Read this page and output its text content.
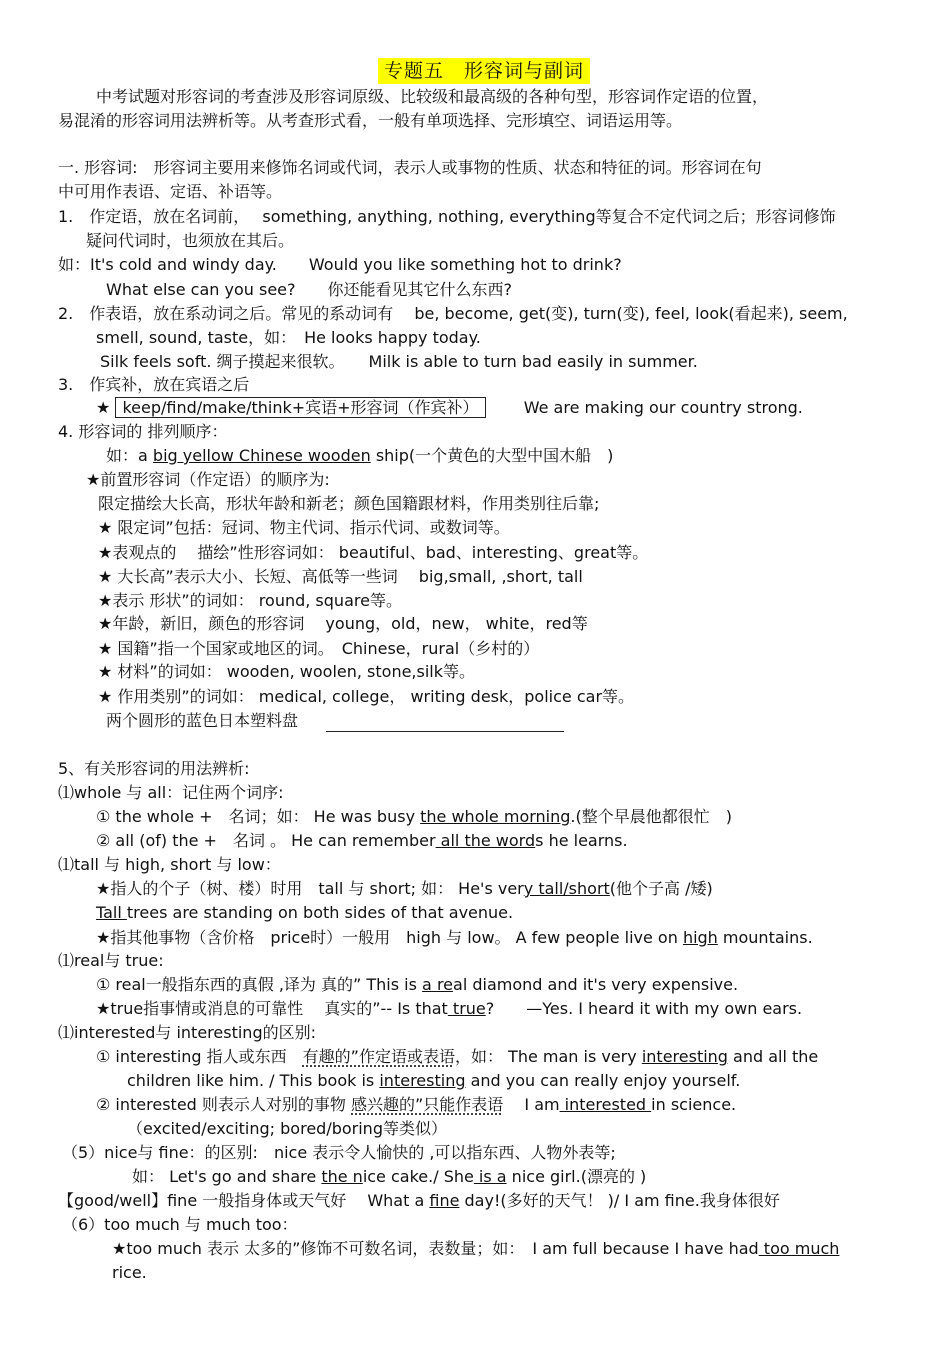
专题五　形容词与副词
中考试题对形容词的考查涉及形容词原级、比较级和最高级的各种句型，形容词作定语的位置，
易混淆的形容词用法辨析等。从考查形式看，一般有单项选择、完形填空、词语运用等。
一. 形容词:　形容词主要用来修饰名词或代词，表示人或事物的性质、状态和特征的词。形容词在句
中可用作表语、定语、补语等。
1.　作定语，放在名词前，　 something, anything, nothing, everything等复合不定代词之后；形容词修饰
疑问代词时，也须放在其后。
如：It's cold and windy day.　　Would you like something hot to drink?
What else can you see?　　你还能看见其它什么东西?
2.　作表语，放在系动词之后。常见的系动词有　 be, become, get(变), turn(变), feel, look(看起来), seem,
smell, sound, taste，如：　He looks happy today.
Silk feels soft. 绸子摸起来很软。　　Milk is able to turn bad easily in summer.
3.　作宾补，放在宾语之后
★ keep/find/make/think+宾语+形容词（作宾补）	We are making our country strong.
4. 形容词的 排列顺序：
如：a big yellow Chinese wooden ship(一个黄色的大型中国木船　)
★前置形容词（作定语）的顺序为:
限定描绘大长高，形状年龄和新老；颜色国籍跟材料，作用类别往后靠;
★ 限定词”包括：冠词、物主代词、指示代词、或数词等。
★表观点的　 描绘”性形容词如： beautiful、bad、interesting、great等。
★ 大长高”表示大小、长短、高低等一些词　 big,small, ,short, tall
★表示 形状”的词如： round, square等。
★年龄，新旧，颜色的形容词　 young，old，new， white，red等
★ 国籍”指一个国家或地区的词。　Chinese，rural（乡村的）
★ 材料”的词如： wooden, woolen, stone,silk等。
★ 作用类别”的词如： medical, college， writing desk，police car等。
两个圆形的蓝色日本塑料盘
5、有关形容词的用法辨析:
⑴whole 与 all：记住两个词序:
① the whole +　名词；如： He was busy the whole morning.(整个早晨他都很忙　)
② all (of) the +　名词 。 He can remember all the words he learns.
⑴tall 与 high, short 与 low：
★指人的个子（树、楼）时用　tall 与 short; 如： He's very tall/short(他个子高 /矮)
Tall trees are standing on both sides of that avenue.
★指其他事物（含价格　price时）一般用　high 与 low。 A few people live on high mountains.
⑴real与 true:
① real一般指东西的真假 ,译为 真的” This is a real diamond and it's very expensive.
★true指事情或消息的可靠性　 真实的”-- Is that true?　　—Yes. I heard it with my own ears.
⑴interested与 interesting的区别:
① interesting 指人或东西　有趣的”作定语或表语，如： The man is very interesting and all the
children like him. / This book is interesting and you can really enjoy yourself.
② interested 则表示人对别的事物 感兴趣的”只能作表语　 I am interested in science.
（excited/exciting; bored/boring等类似）
（5）nice与 fine：的区别:　nice 表示令人愉快的 ,可以指东西、人物外表等;
如： Let's go and share the nice cake./ She is a nice girl.(漂亮的 )
【good/well】fine 一般指身体或天气好　 What a fine day!(多好的天气！ )/ I am fine.我身体很好
（6）too much 与 much too：
★too much 表示 太多的”修饰不可数名词，表数量；如：　I am full because I have had too much
rice.
